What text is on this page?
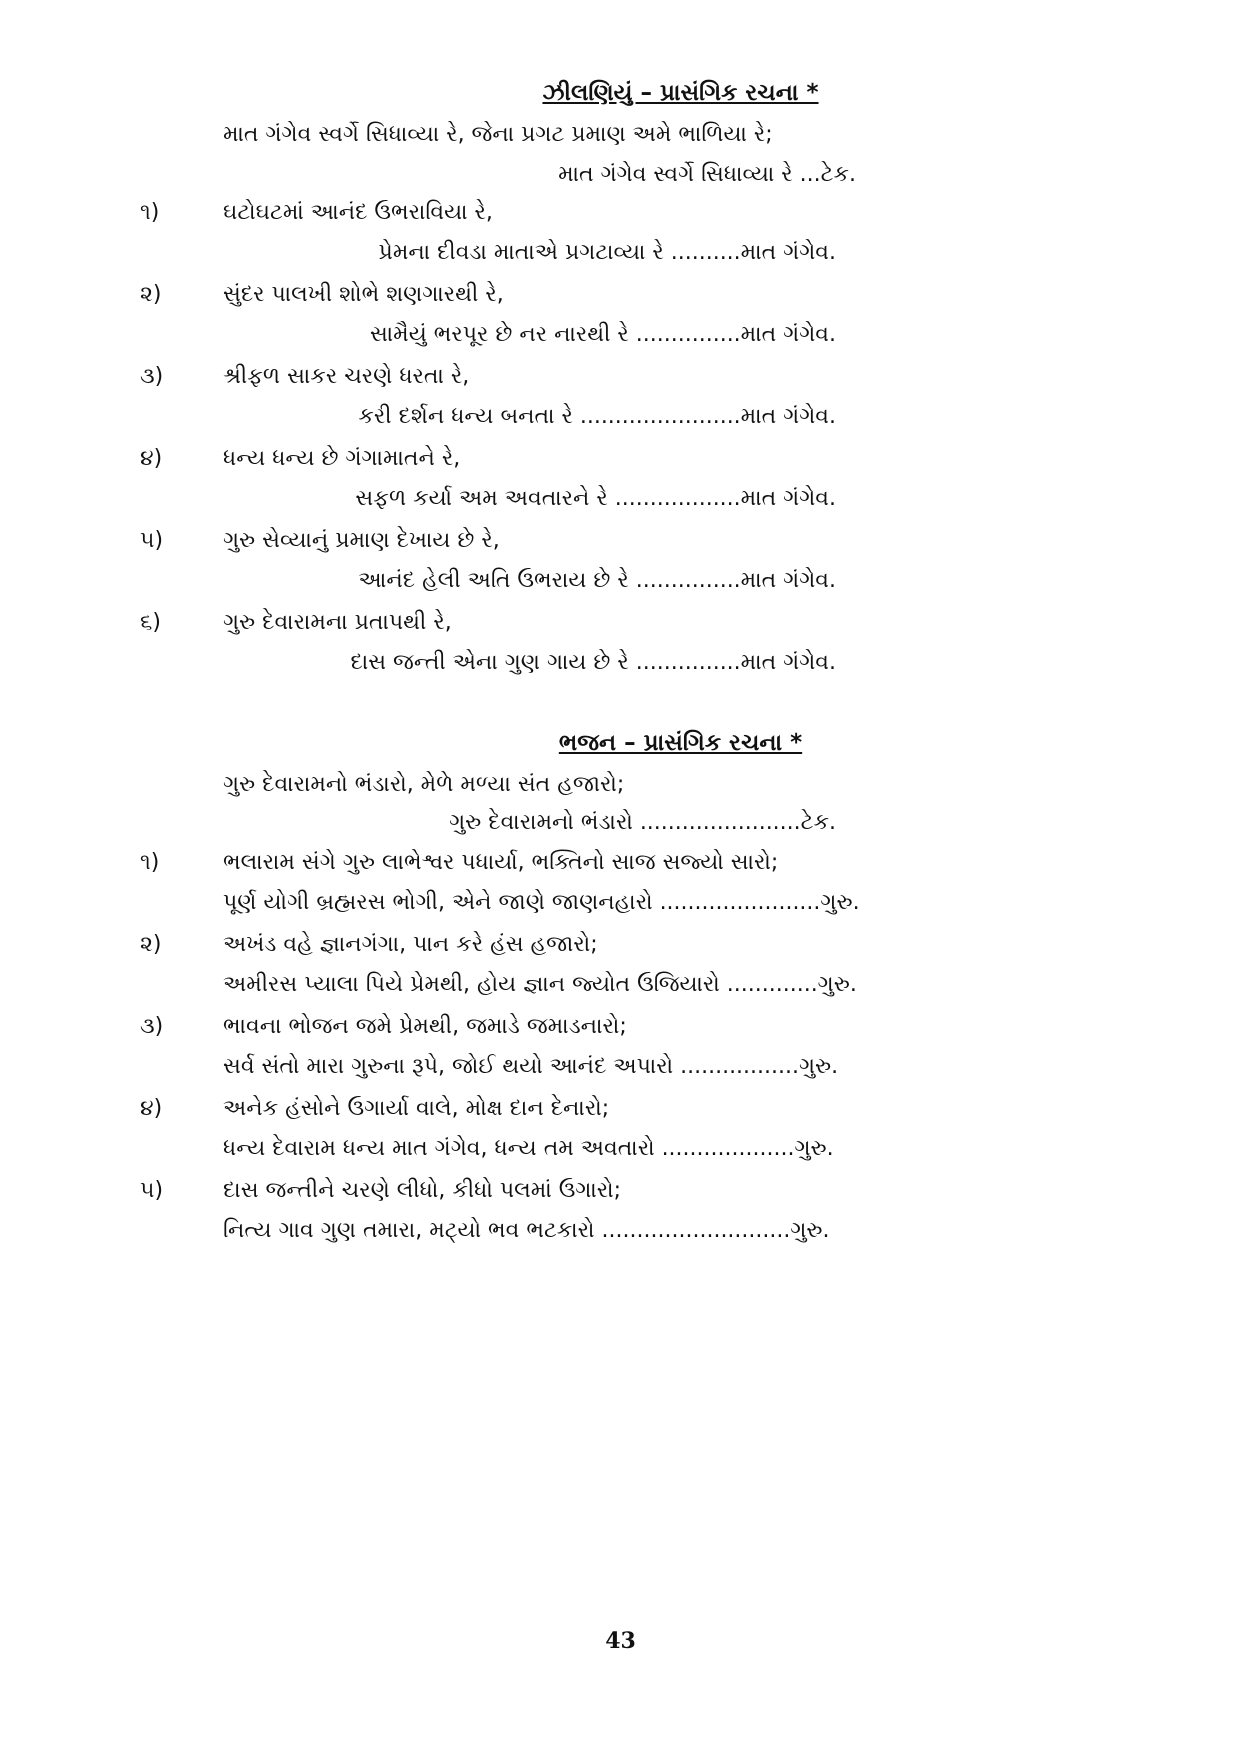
ઝીલણિયું – પ્રાસંગિક રચના *
માત ગંગેવ સ્વર્ગે સિધાવ્યા રે, જેના પ્રગટ પ્રમાણ અમે ભાળિયા રે;
માત ગંગેવ સ્વર્ગે સિધાવ્યા રે ...ટેક.
૧)	ઘટોઘટમાં આનંદ ઉભરાવિયા રે,
પ્રેમના દીવડા માતાએ પ્રગટાવ્યા રે ..........માત ગંગેવ.
૨)	સુંદર પાલખી શોભે શણગારથી રે,
સામૈયું ભરપૂર છે નર નારથી રે ...............માત ગંગેવ.
૩)	શ્રીફળ સાકર ચરણે ધરતા રે,
કરી દર્શન ધન્ય બનતા રે .......................માત ગંગેવ.
૪)	ધન્ય ધન્ય છે ગંગામાતને રે,
સફળ કર્યા અમ અવતારને રે ..................માત ગંગેવ.
૫)	ગુરુ સેવ્યાનું પ્રમાણ દેખાય છે રે,
આનંદ હેલી અતિ ઉભરાય છે રે ...............માત ગંગેવ.
૬)	ગુરુ દેવારામના પ્રતાપથી રે,
દાસ જન્તી એના ગુણ ગાય છે રે ...............માત ગંગેવ.
ભજન – પ્રાસંગિક રચના *
ગુરુ દેવારામનો ભંડારો, મેળે મળ્યા સંત હજારો;
ગુરુ દેવારામનો ભંડારો .......................ટેક.
૧)	ભલારામ સંગે ગુરુ લાભેશ્વર પધાર્યા, ભક્તિનો સાજ સજ્યો સારો;
પૂર્ણ યોગી બ્રહ્મરસ ભોગી, એને જાણે જાણનહારો .......................ગુરુ.
૨)	અખંડ વહે જ્ઞાનગંગા, પાન કરે હંસ હજારો;
અમીરસ પ્યાલા પિયે પ્રેમથી, હોય જ્ઞાન જ્યોત ઉજિયારો .............ગુરુ.
૩)	ભાવના ભોજન જમે પ્રેમથી, જમાડે જમાડનારો;
સર્વ સંતો મારા ગુરુના રૂપે, જોઈ થયો આનંદ અપારો .................ગુરુ.
૪)	અનેક હંસોને ઉગાર્યા વાલે, મોક્ષ દાન દેનારો;
ધન્ય દેવારામ ધન્ય માત ગંગેવ, ધન્ય તમ અવતારો ...................ગુરુ.
૫)	દાસ જન્તીને ચરણે લીધો, કીધો પલમાં ઉગારો;
નિત્ય ગાવ ગુણ તમારા, મટ્યો ભવ ભટકારો ...........................ગુરુ.
43
